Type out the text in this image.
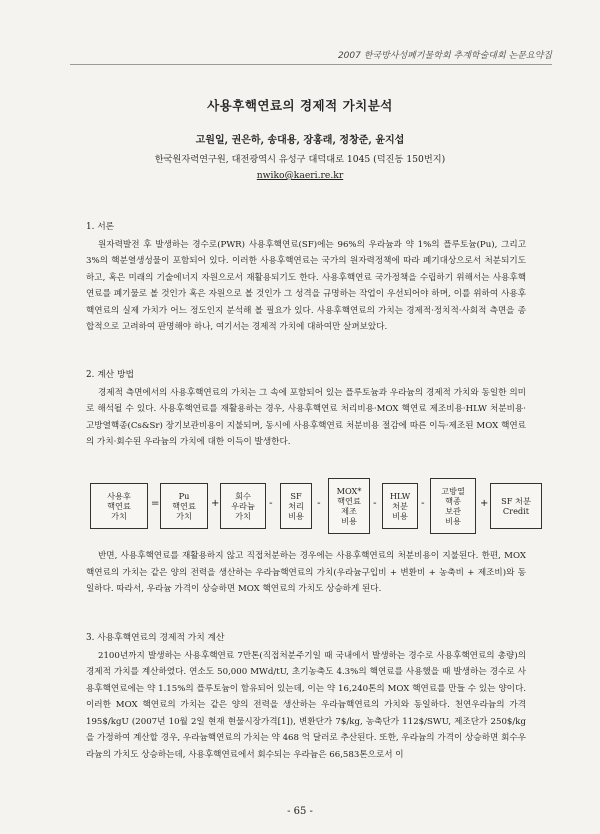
2007 한국방사성폐기물학회 추계학술대회 논문요약집
사용후핵연료의 경제적 가치분석
고원일, 권은하, 송대용, 장홍래, 정창준, 윤지섭
한국원자력연구원, 대전광역시 유성구 대덕대로 1045 (덕진동 150번지)
nwiko@kaeri.re.kr
1. 서론

원자력발전 후 발생하는 경수로(PWR) 사용후핵연료(SF)에는 96%의 우라늄과 약 1%의 플루토늄(Pu), 그리고 3%의 핵분열생성물이 포함되어 있다. 이러한 사용후핵연료는 국가의 원자력정책에 따라 폐기대상으로서 처분되기도 하고, 혹은 미래의 기술에너지 자원으로서 재활용되기도 한다. 사용후핵연료 국가정책을 수립하기 위해서는 사용후핵연료를 폐기물로 볼 것인가 혹은 자원으로 볼 것인가 그 성격을 규명하는 작업이 우선되어야 하며, 이를 위하여 사용후핵연료의 실제 가치가 어느 정도인지 분석해 볼 필요가 있다. 사용후핵연료의 가치는 경제적·정치적·사회적 측면을 종합적으로 고려하여 판명해야 하나, 여기서는 경제적 가치에 대하여만 살펴보았다.

2. 계산 방법

경제적 측면에서의 사용후핵연료의 가치는 그 속에 포함되어 있는 플루토늄과 우라늄의 경제적 가치와 동일한 의미로 해석될 수 있다. 사용후핵연료를 재활용하는 경우, 사용후핵연료 처리비용·MOX 핵연료 제조비용·HLW 처분비용·고방열핵종(Cs&Sr) 장기보관비용이 지불되며, 동시에 사용후핵연료 처분비용 절감에 따른 이득·제조된 MOX 핵연료의 가치·회수된 우라늄의 가치에 대한 이득이 발생한다.

사용후
핵연료
가치
Pu
핵연료
가치
회수
우라늄
가치
SF
처리
비용
MOX*
핵연료
제조
비용
HLW
처분
비용
고방열
핵종
보관
비용
SF 처분
Credit
=	+	-	-	-	-	+

반면, 사용후핵연료를 재활용하지 않고 직접처분하는 경우에는 사용후핵연료의 처분비용이 지불된다. 한편, MOX 핵연료의 가치는 같은 양의 전력을 생산하는 우라늄핵연료의 가치(우라늄구입비 + 변환비 + 농축비 + 제조비)와 동일하다. 따라서, 우라늄 가격이 상승하면 MOX 핵연료의 가치도 상승하게 된다.

3. 사용후핵연료의 경제적 가치 계산

2100년까지 발생하는 사용후핵연료 7만톤(직접처분주기일 때 국내에서 발생하는 경수로 사용후핵연료의 총량)의 경제적 가치를 계산하였다. 연소도 50,000 MWd/tU, 초기농축도 4.3%의 핵연료를 사용했을 때 발생하는 경수로 사용후핵연료에는 약 1.15%의 플루토늄이 함유되어 있는데, 이는 약 16,240톤의 MOX 핵연료를 만들 수 있는 양이다. 이러한 MOX 핵연료의 가치는 같은 양의 전력을 생산하는 우라늄핵연료의 가치와 동일하다. 천연우라늄의 가격 195$/kgU (2007년 10월 2일 현재 현물시장가격[1]), 변환단가 7$/kg, 농축단가 112$/SWU, 제조단가 250$/kg을 가정하여 계산할 경우, 우라늄핵연료의 가치는 약 468 억 달러로 추산된다. 또한, 우라늄의 가격이 상승하면 회수우라늄의 가치도 상승하는데, 사용후핵연료에서 회수되는 우라늄은 66,583톤으로서 이

- 65 -
